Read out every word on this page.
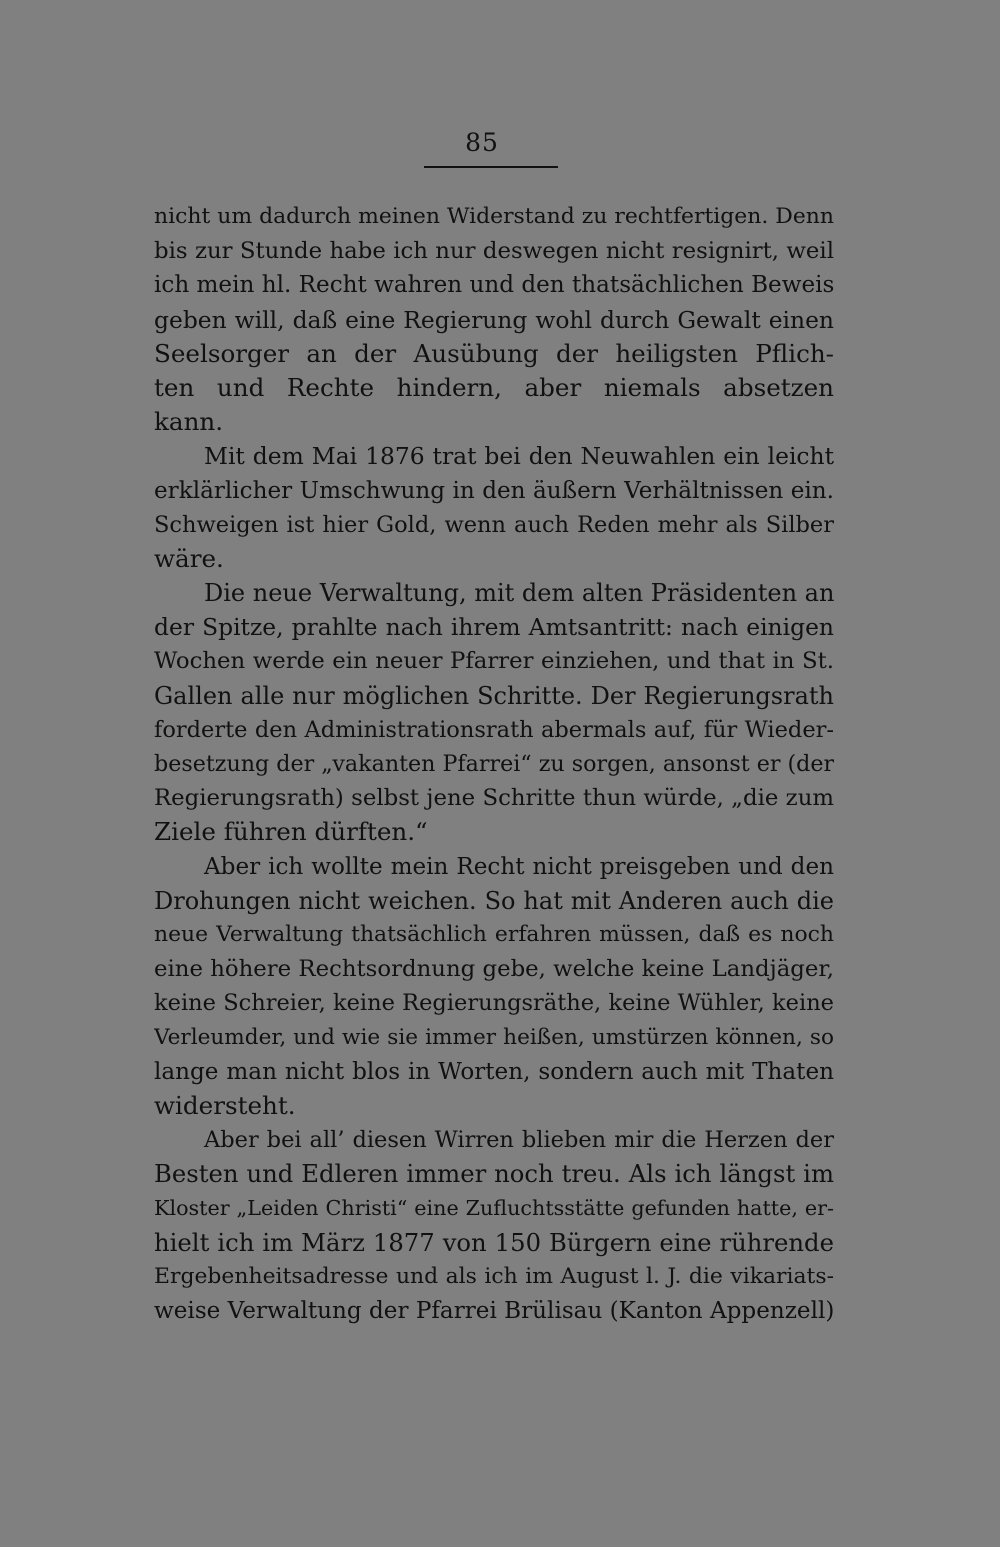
85
nicht um dadurch meinen Widerstand zu rechtfertigen. Denn
bis zur Stunde habe ich nur deswegen nicht resignirt, weil
ich mein hl. Recht wahren und den thatsächlichen Beweis
geben will, daß eine Regierung wohl durch Gewalt einen
Seelsorger an der Ausübung der heiligsten Pflich-
ten und Rechte hindern, aber niemals absetzen
kann.
Mit dem Mai 1876 trat bei den Neuwahlen ein leicht
erklärlicher Umschwung in den äußern Verhältnissen ein.
Schweigen ist hier Gold, wenn auch Reden mehr als Silber
wäre.
Die neue Verwaltung, mit dem alten Präsidenten an
der Spitze, prahlte nach ihrem Amtsantritt: nach einigen
Wochen werde ein neuer Pfarrer einziehen, und that in St.
Gallen alle nur möglichen Schritte. Der Regierungsrath
forderte den Administrationsrath abermals auf, für Wieder-
besetzung der „vakanten Pfarrei“ zu sorgen, ansonst er (der
Regierungsrath) selbst jene Schritte thun würde, „die zum
Ziele führen dürften.“
Aber ich wollte mein Recht nicht preisgeben und den
Drohungen nicht weichen. So hat mit Anderen auch die
neue Verwaltung thatsächlich erfahren müssen, daß es noch
eine höhere Rechtsordnung gebe, welche keine Landjäger,
keine Schreier, keine Regierungsräthe, keine Wühler, keine
Verleumder, und wie sie immer heißen, umstürzen können, so
lange man nicht blos in Worten, sondern auch mit Thaten
widersteht.
Aber bei all’ diesen Wirren blieben mir die Herzen der
Besten und Edleren immer noch treu. Als ich längst im
Kloster „Leiden Christi“ eine Zufluchtsstätte gefunden hatte, er-
hielt ich im März 1877 von 150 Bürgern eine rührende
Ergebenheitsadresse und als ich im August l. J. die vikariats-
weise Verwaltung der Pfarrei Brülisau (Kanton Appenzell)
